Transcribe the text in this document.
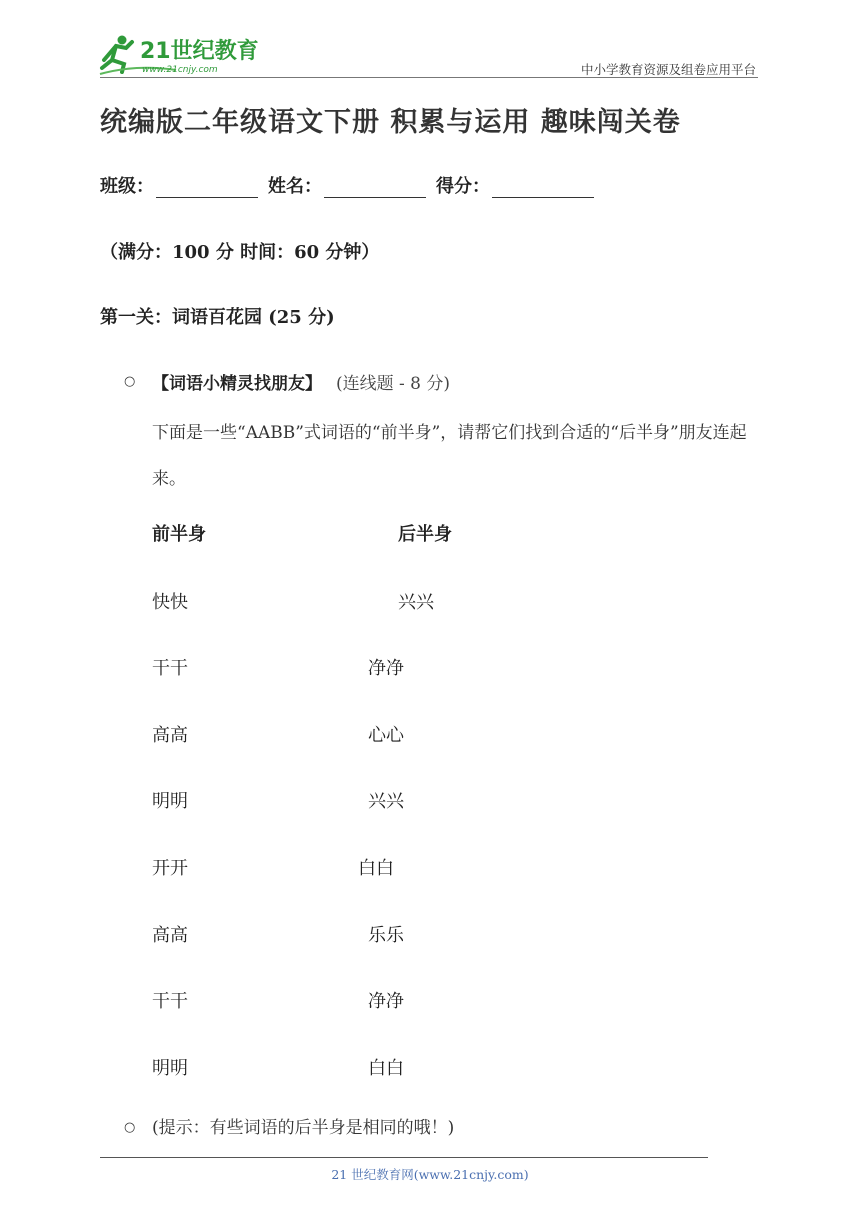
21世纪教育
www.21cnjy.com	中小学教育资源及组卷应用平台
统编版二年级语文下册 积累与运用 趣味闯关卷
班级：	姓名：	得分：
（满分：100 分 时间：60 分钟）
第一关：词语百花园 (25 分)
○ 【词语小精灵找朋友】 (连线题 - 8 分)
下面是一些“AABB”式词语的“前半身”，请帮它们找到合适的“后半身”朋友连起来。
前半身	后半身
快快	兴兴
干干	净净
高高	心心
明明	兴兴
开开	白白
高高	乐乐
干干	净净
明明	白白
○ (提示：有些词语的后半身是相同的哦！)
21 世纪教育网(www.21cnjy.com)
